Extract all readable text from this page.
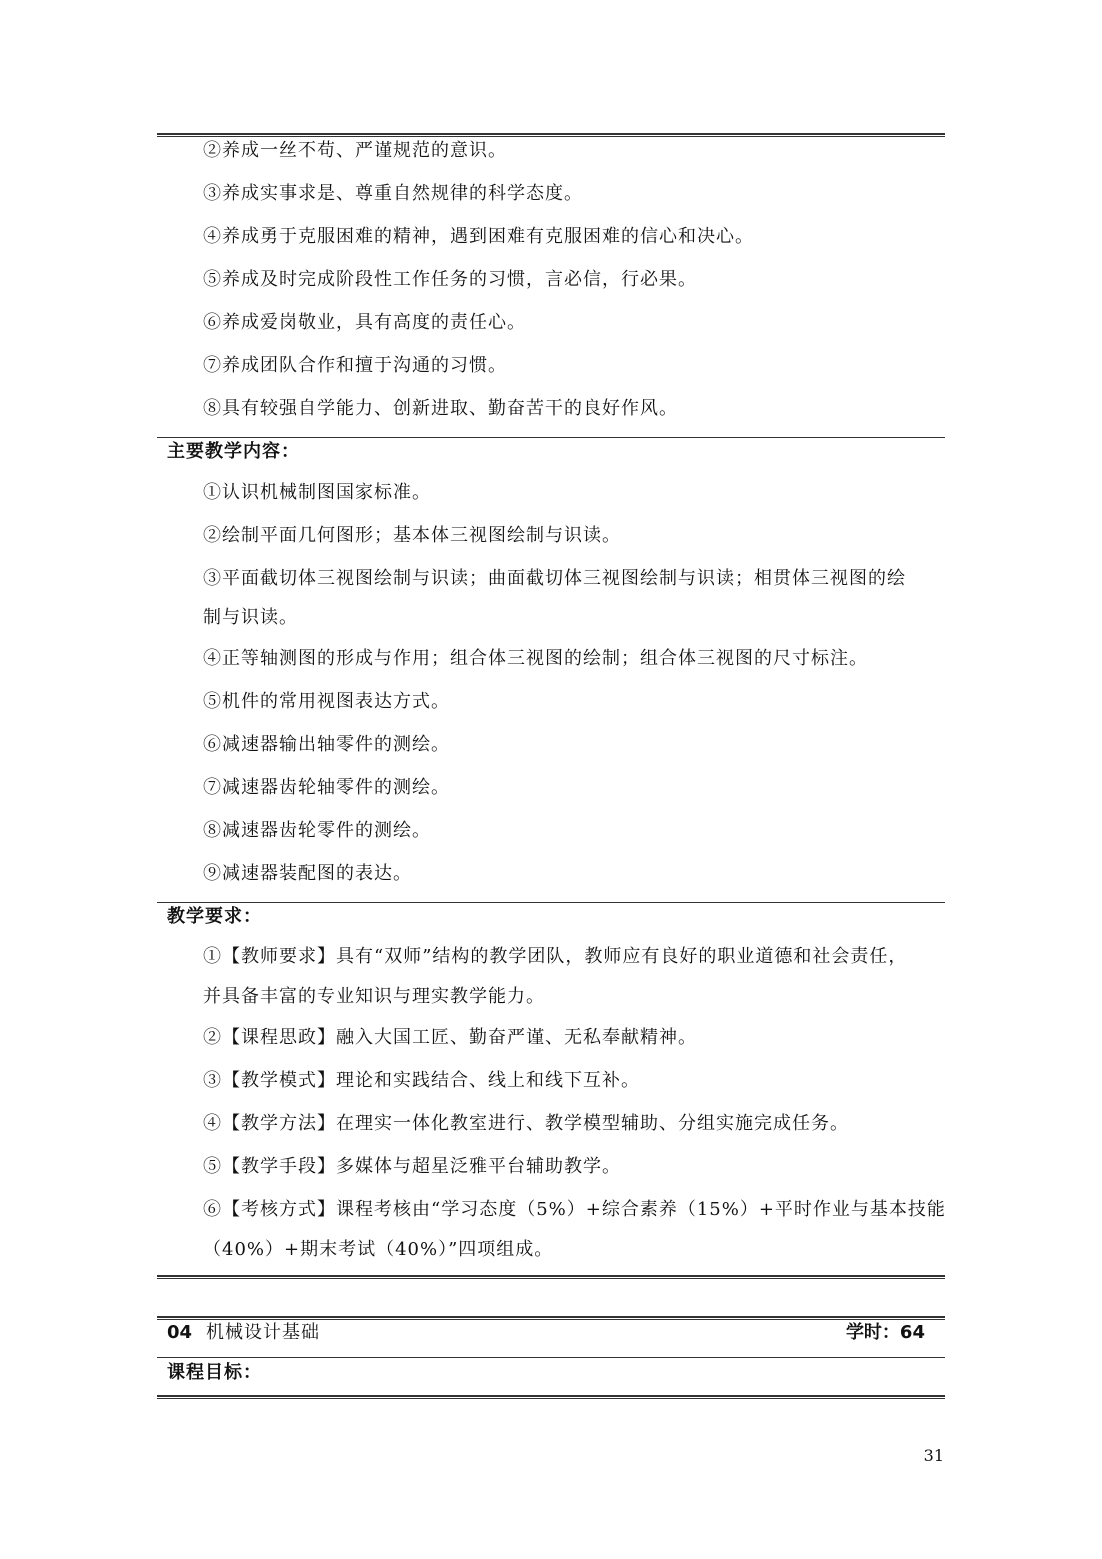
②养成一丝不苟、严谨规范的意识。
③养成实事求是、尊重自然规律的科学态度。
④养成勇于克服困难的精神，遇到困难有克服困难的信心和决心。
⑤养成及时完成阶段性工作任务的习惯，言必信，行必果。
⑥养成爱岗敬业，具有高度的责任心。
⑦养成团队合作和擅于沟通的习惯。
⑧具有较强自学能力、创新进取、勤奋苦干的良好作风。
主要教学内容：
①认识机械制图国家标准。
②绘制平面几何图形；基本体三视图绘制与识读。
③平面截切体三视图绘制与识读；曲面截切体三视图绘制与识读；相贯体三视图的绘
制与识读。
④正等轴测图的形成与作用；组合体三视图的绘制；组合体三视图的尺寸标注。
⑤机件的常用视图表达方式。
⑥减速器输出轴零件的测绘。
⑦减速器齿轮轴零件的测绘。
⑧减速器齿轮零件的测绘。
⑨减速器装配图的表达。
教学要求：
①【教师要求】具有“双师”结构的教学团队，教师应有良好的职业道德和社会责任，
并具备丰富的专业知识与理实教学能力。
②【课程思政】融入大国工匠、勤奋严谨、无私奉献精神。
③【教学模式】理论和实践结合、线上和线下互补。
④【教学方法】在理实一体化教室进行、教学模型辅助、分组实施完成任务。
⑤【教学手段】多媒体与超星泛雅平台辅助教学。
⑥【考核方式】课程考核由“学习态度（5%）+综合素养（15%）+平时作业与基本技能
（40%）+期末考试（40%）”四项组成。
04 机械设计基础	学时：64
课程目标：
31
